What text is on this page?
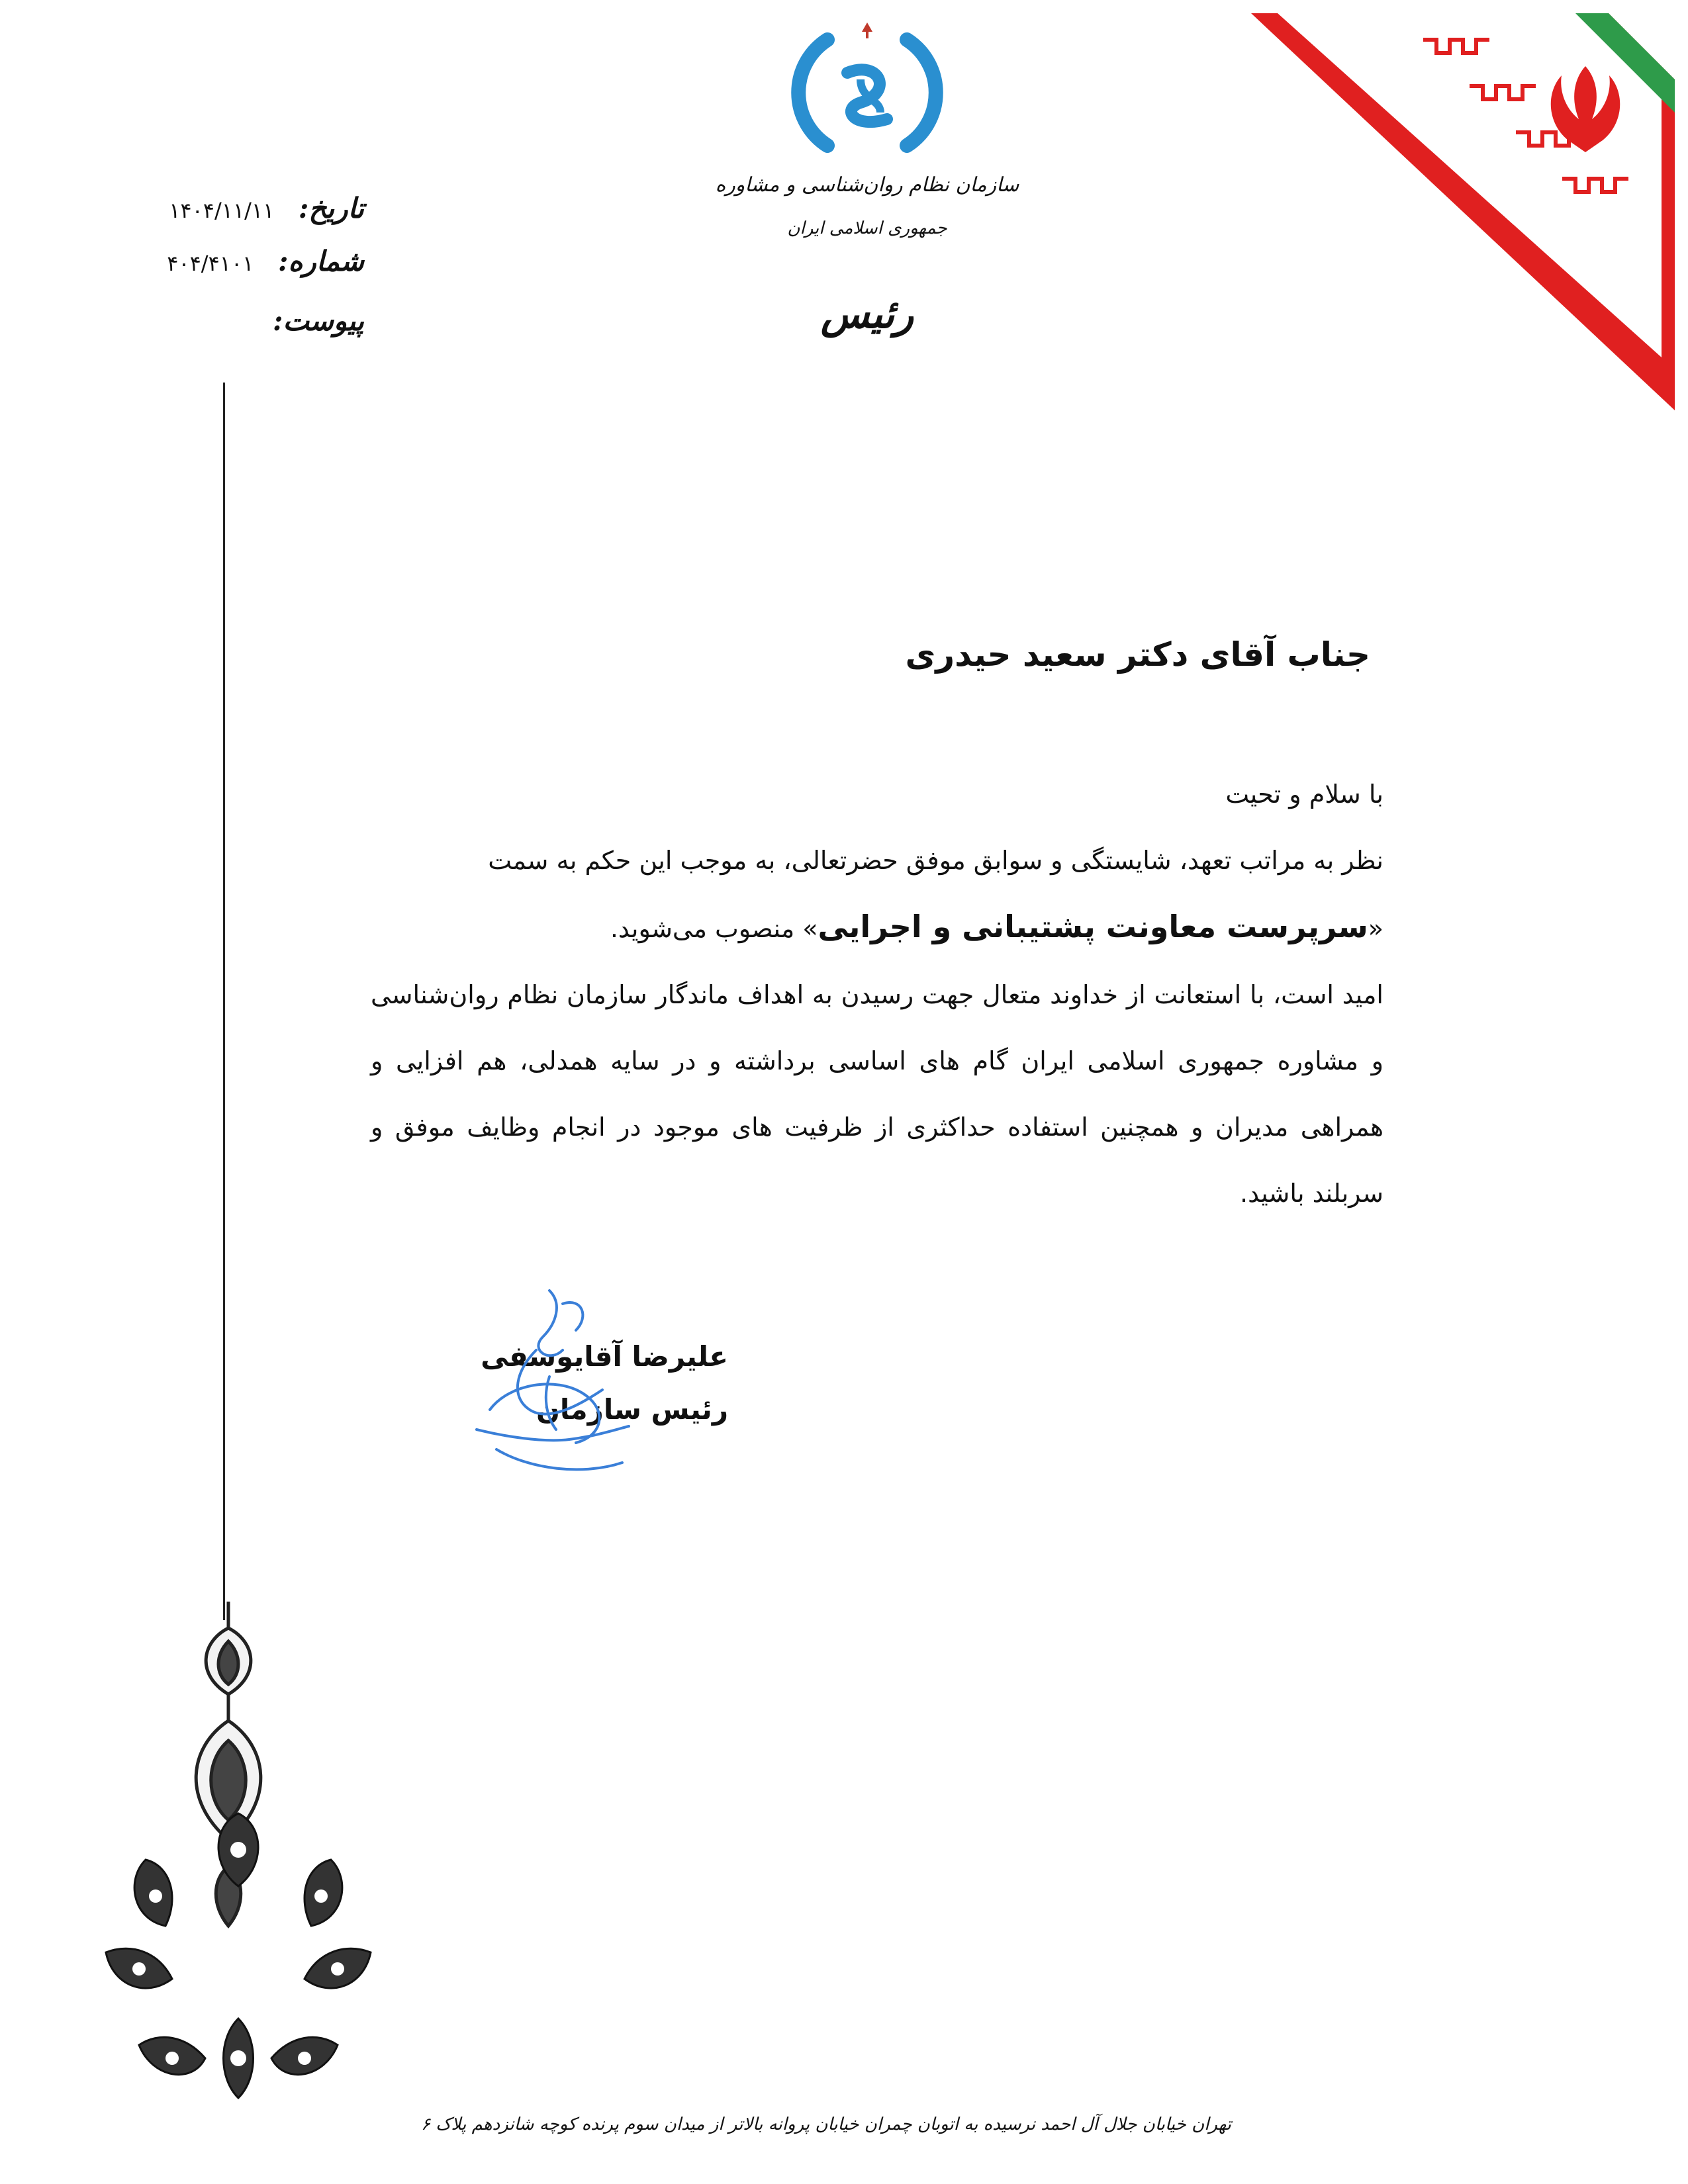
سازمان نظام روان‌شناسی و مشاوره
جمهوری اسلامی ایران
رئیس
تاریخ: ۱۴۰۴/۱۱/۱۱
شماره: ۴۰۴/۴۱۰۱
پیوست:
جناب آقای دکتر سعید حیدری

با سلام و تحیت

نظر به مراتب تعهد، شایستگی و سوابق موفق حضرتعالی، به موجب این حکم به سمت

«سرپرست معاونت پشتیبانی و اجرایی» منصوب می‌شوید.

امید است، با استعانت از خداوند متعال جهت رسیدن به اهداف ماندگار سازمان نظام روان‌شناسی و مشاوره جمهوری اسلامی ایران گام های اساسی برداشته و در سایه همدلی، هم افزایی و همراهی مدیران و همچنین استفاده حداکثری از ظرفیت های موجود در انجام وظایف موفق و سربلند باشید.

علیرضا آقایوسفی
رئیس سازمان
تهران خیابان جلال آل احمد نرسیده به اتوبان چمران خیابان پروانه بالاتر از میدان سوم پرنده کوچه شانزدهم پلاک ۶
